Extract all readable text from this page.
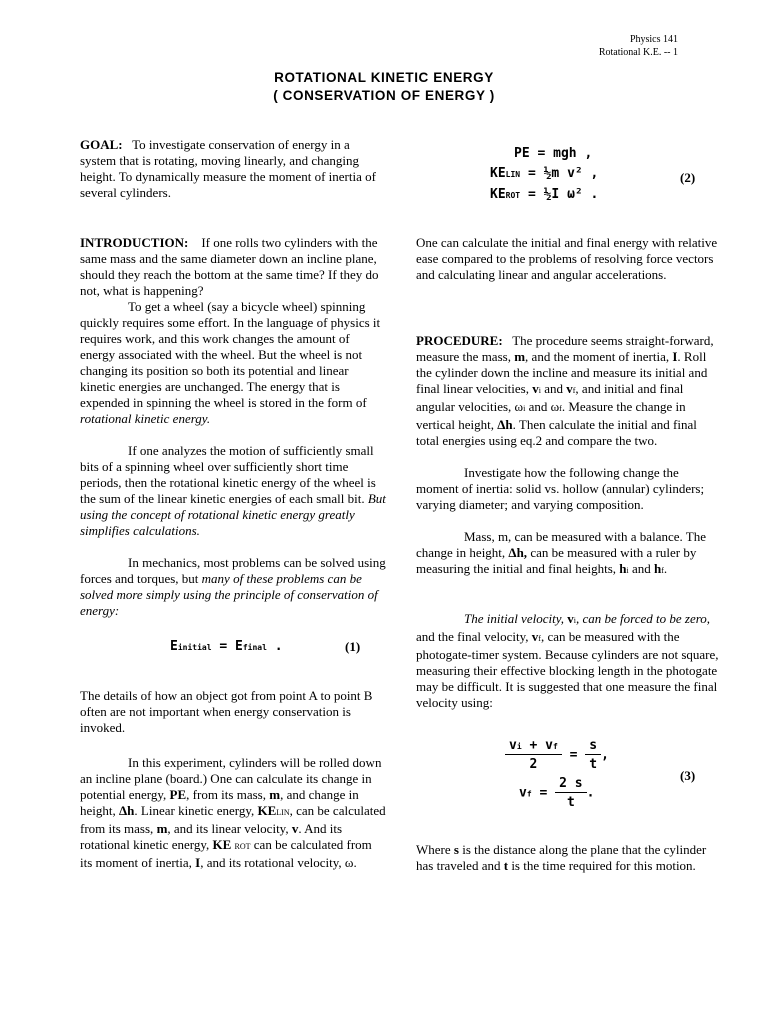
Physics 141
Rotational K.E. -- 1
ROTATIONAL KINETIC ENERGY
( CONSERVATION OF ENERGY )

GOAL: To investigate conservation of energy in a system that is rotating, moving linearly, and changing height. To dynamically measure the moment of inertia of several cylinders.

INTRODUCTION: If one rolls two cylinders with the same mass and the same diameter down an incline plane, should they reach the bottom at the same time? If they do not, what is happening?

To get a wheel (say a bicycle wheel) spinning quickly requires some effort. In the language of physics it requires work, and this work changes the amount of energy associated with the wheel. But the wheel is not changing its position so both its potential and linear kinetic energies are unchanged. The energy that is expended in spinning the wheel is stored in the form of rotational kinetic energy.

If one analyzes the motion of sufficiently small bits of a spinning wheel over sufficiently short time periods, then the rotational kinetic energy of the wheel is the sum of the linear kinetic energies of each small bit. But using the concept of rotational kinetic energy greatly simplifies calculations.

In mechanics, most problems can be solved using forces and torques, but many of these problems can be solved more simply using the principle of conservation of energy:

Einitial = Efinal .	(1)

The details of how an object got from point A to point B often are not important when energy conservation is invoked.

In this experiment, cylinders will be rolled down an incline plane (board.) One can calculate its change in potential energy, PE, from its mass, m, and change in height, Δh. Linear kinetic energy, KELIN, can be calculated from its mass, m, and its linear velocity, v. And its rotational kinetic energy, KE ROT can be calculated from its moment of inertia, I, and its rotational velocity, ω.

PE = mgh ,
KELIN = ½m v² ,
KEROT = ½I ω² .
(2)

One can calculate the initial and final energy with relative ease compared to the problems of resolving force vectors and calculating linear and angular accelerations.

PROCEDURE: The procedure seems straight-forward, measure the mass, m, and the moment of inertia, I. Roll the cylinder down the incline and measure its initial and final linear velocities, vi and vf, and initial and final angular velocities, ωi and ωf. Measure the change in vertical height, Δh. Then calculate the initial and final total energies using eq.2 and compare the two.

Investigate how the following change the moment of inertia: solid vs. hollow (annular) cylinders; varying diameter; and varying composition.

Mass, m, can be measured with a balance. The change in height, Δh, can be measured with a ruler by measuring the initial and final heights, hi and hf.

The initial velocity, vi, can be forced to be zero, and the final velocity, vf, can be measured with the photogate-timer system. Because cylinders are not square, measuring their effective blocking length in the photogate may be difficult. It is suggested that one measure the final velocity using:

$\frac{vi + vf}{2} = \frac{s}{t}$ ,
vf = $\frac{2 s}{t}$ .
(3)

Where s is the distance along the plane that the cylinder has traveled and t is the time required for this motion.
